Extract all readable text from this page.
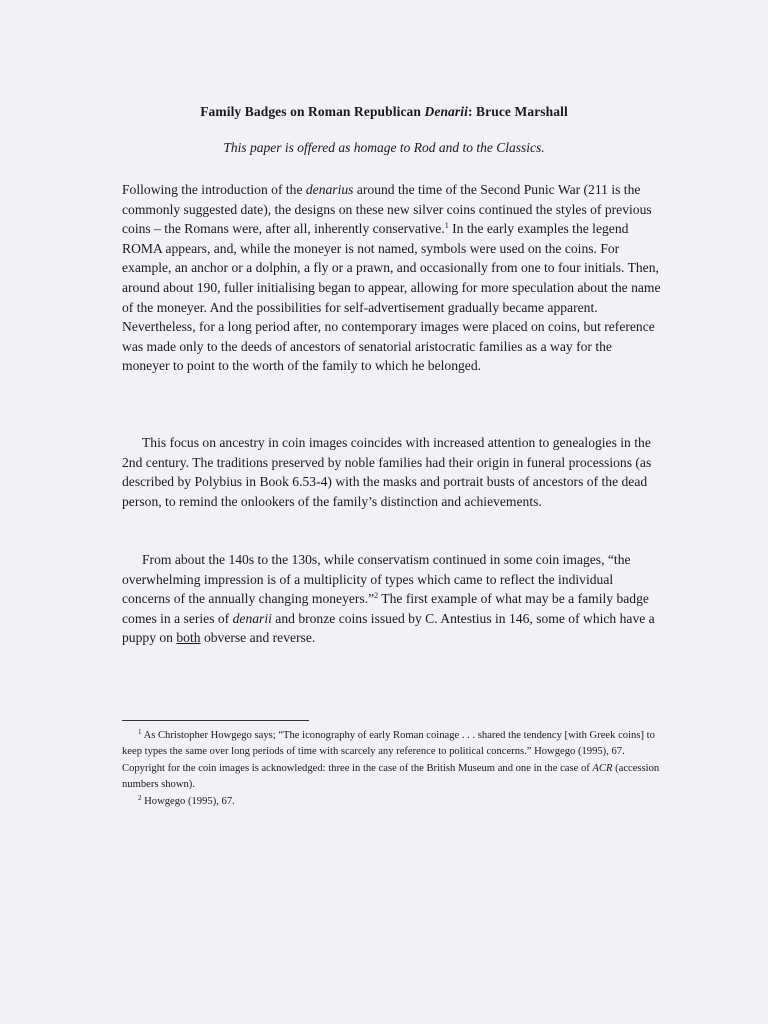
Family Badges on Roman Republican Denarii: Bruce Marshall
This paper is offered as homage to Rod and to the Classics.
Following the introduction of the denarius around the time of the Second Punic War (211 is the commonly suggested date), the designs on these new silver coins continued the styles of previous coins – the Romans were, after all, inherently conservative.$^1$ In the early examples the legend ROMA appears, and, while the moneyer is not named, symbols were used on the coins. For example, an anchor or a dolphin, a fly or a prawn, and occasionally from one to four initials. Then, around about 190, fuller initialising began to appear, allowing for more speculation about the name of the moneyer. And the possibilities for self-advertisement gradually became apparent. Nevertheless, for a long period after, no contemporary images were placed on coins, but reference was made only to the deeds of ancestors of senatorial aristocratic families as a way for the moneyer to point to the worth of the family to which he belonged.
This focus on ancestry in coin images coincides with increased attention to genealogies in the 2nd century. The traditions preserved by noble families had their origin in funeral processions (as described by Polybius in Book 6.53-4) with the masks and portrait busts of ancestors of the dead person, to remind the onlookers of the family’s distinction and achievements.
From about the 140s to the 130s, while conservatism continued in some coin images, “the overwhelming impression is of a multiplicity of types which came to reflect the individual concerns of the annually changing moneyers.”$^2$ The first example of what may be a family badge comes in a series of denarii and bronze coins issued by C. Antestius in 146, some of which have a puppy on both obverse and reverse.

$^1$ As Christopher Howgego says; “The iconography of early Roman coinage . . . shared the tendency [with Greek coins] to keep types the same over long periods of time with scarcely any reference to political concerns.” Howgego (1995), 67. Copyright for the coin images is acknowledged: three in the case of the British Museum and one in the case of ACR (accession numbers shown).

$^2$ Howgego (1995), 67.
